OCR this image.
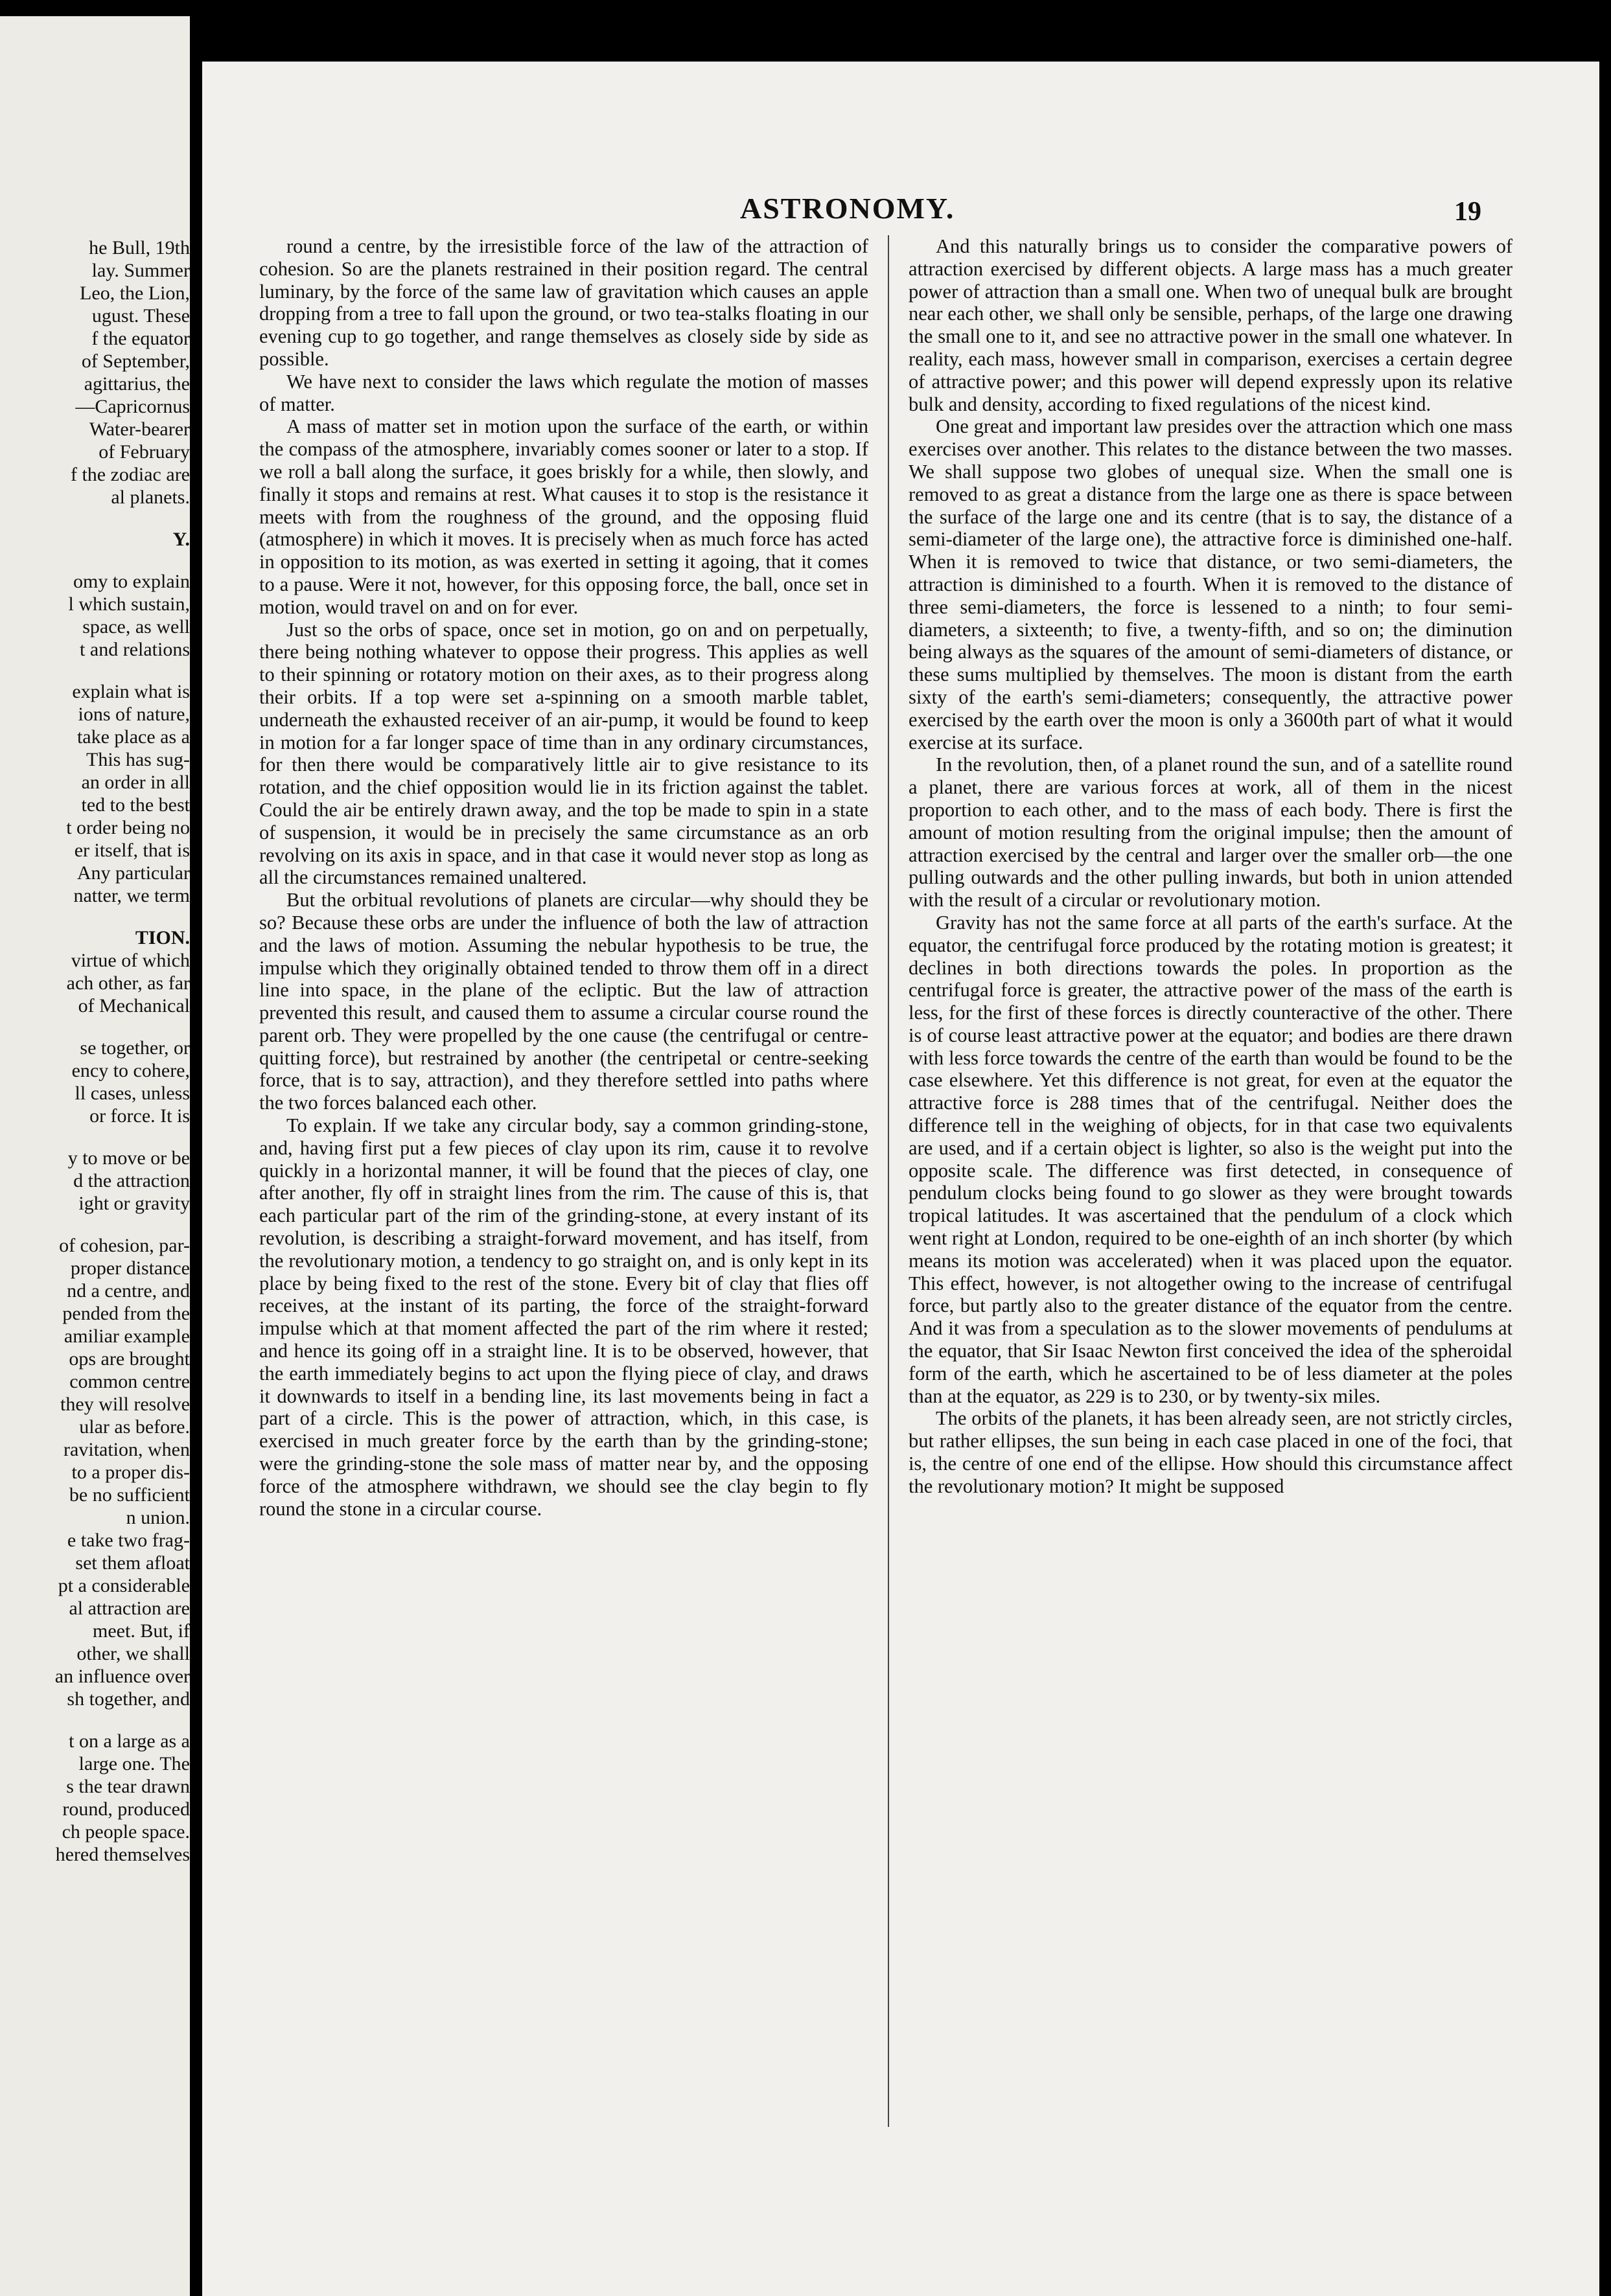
he Bull, 19th
lay. Summer
Leo, the Lion,
ugust. These
f the equator
of September,
agittarius, the
—Capricornus
Water-bearer
of February
f the zodiac are
al planets.
Y.
omy to explain
l which sustain,
space, as well
t and relations
explain what is
ions of nature,
take place as a
This has sug-
an order in all
ted to the best
t order being no
er itself, that is
Any particular
natter, we term
TION.
virtue of which
ach other, as far
of Mechanical
se together, or
ency to cohere,
ll cases, unless
or force. It is
y to move or be
d the attraction
ight or gravity
of cohesion, par-
proper distance
nd a centre, and
pended from the
amiliar example
ops are brought
common centre
they will resolve
ular as before.
ravitation, when
to a proper dis-
be no sufficient
n union.
e take two frag-
set them afloat
pt a considerable
al attraction are
meet. But, if
other, we shall
an influence over
sh together, and
t on a large as a
large one. The
s the tear drawn
round, produced
ch people space.
hered themselves
ASTRONOMY.	19

round a centre, by the irresistible force of the law of the attraction of cohesion. So are the planets restrained in their position regard. The central luminary, by the force of the same law of gravitation which causes an apple dropping from a tree to fall upon the ground, or two tea-stalks floating in our evening cup to go together, and range themselves as closely side by side as possible.

We have next to consider the laws which regulate the motion of masses of matter.

A mass of matter set in motion upon the surface of the earth, or within the compass of the atmosphere, invariably comes sooner or later to a stop. If we roll a ball along the surface, it goes briskly for a while, then slowly, and finally it stops and remains at rest. What causes it to stop is the resistance it meets with from the roughness of the ground, and the opposing fluid (atmosphere) in which it moves. It is precisely when as much force has acted in opposition to its motion, as was exerted in setting it agoing, that it comes to a pause. Were it not, however, for this opposing force, the ball, once set in motion, would travel on and on for ever.

Just so the orbs of space, once set in motion, go on and on perpetually, there being nothing whatever to oppose their progress. This applies as well to their spinning or rotatory motion on their axes, as to their progress along their orbits. If a top were set a-spinning on a smooth marble tablet, underneath the exhausted receiver of an air-pump, it would be found to keep in motion for a far longer space of time than in any ordinary circumstances, for then there would be comparatively little air to give resistance to its rotation, and the chief opposition would lie in its friction against the tablet. Could the air be entirely drawn away, and the top be made to spin in a state of suspension, it would be in precisely the same circumstance as an orb revolving on its axis in space, and in that case it would never stop as long as all the circumstances remained unaltered.

But the orbitual revolutions of planets are circular—why should they be so? Because these orbs are under the influence of both the law of attraction and the laws of motion. Assuming the nebular hypothesis to be true, the impulse which they originally obtained tended to throw them off in a direct line into space, in the plane of the ecliptic. But the law of attraction prevented this result, and caused them to assume a circular course round the parent orb. They were propelled by the one cause (the centrifugal or centre-quitting force), but restrained by another (the centripetal or centre-seeking force, that is to say, attraction), and they therefore settled into paths where the two forces balanced each other.

To explain. If we take any circular body, say a common grinding-stone, and, having first put a few pieces of clay upon its rim, cause it to revolve quickly in a horizontal manner, it will be found that the pieces of clay, one after another, fly off in straight lines from the rim. The cause of this is, that each particular part of the rim of the grinding-stone, at every instant of its revolution, is describing a straight-forward movement, and has itself, from the revolutionary motion, a tendency to go straight on, and is only kept in its place by being fixed to the rest of the stone. Every bit of clay that flies off receives, at the instant of its parting, the force of the straight-forward impulse which at that moment affected the part of the rim where it rested; and hence its going off in a straight line. It is to be observed, however, that the earth immediately begins to act upon the flying piece of clay, and draws it downwards to itself in a bending line, its last movements being in fact a part of a circle. This is the power of attraction, which, in this case, is exercised in much greater force by the earth than by the grinding-stone; were the grinding-stone the sole mass of matter near by, and the opposing force of the atmosphere withdrawn, we should see the clay begin to fly round the stone in a circular course.

And this naturally brings us to consider the comparative powers of attraction exercised by different objects. A large mass has a much greater power of attraction than a small one. When two of unequal bulk are brought near each other, we shall only be sensible, perhaps, of the large one drawing the small one to it, and see no attractive power in the small one whatever. In reality, each mass, however small in comparison, exercises a certain degree of attractive power; and this power will depend expressly upon its relative bulk and density, according to fixed regulations of the nicest kind.

One great and important law presides over the attraction which one mass exercises over another. This relates to the distance between the two masses. We shall suppose two globes of unequal size. When the small one is removed to as great a distance from the large one as there is space between the surface of the large one and its centre (that is to say, the distance of a semi-diameter of the large one), the attractive force is diminished one-half. When it is removed to twice that distance, or two semi-diameters, the attraction is diminished to a fourth. When it is removed to the distance of three semi-diameters, the force is lessened to a ninth; to four semi-diameters, a sixteenth; to five, a twenty-fifth, and so on; the diminution being always as the squares of the amount of semi-diameters of distance, or these sums multiplied by themselves. The moon is distant from the earth sixty of the earth's semi-diameters; consequently, the attractive power exercised by the earth over the moon is only a 3600th part of what it would exercise at its surface.

In the revolution, then, of a planet round the sun, and of a satellite round a planet, there are various forces at work, all of them in the nicest proportion to each other, and to the mass of each body. There is first the amount of motion resulting from the original impulse; then the amount of attraction exercised by the central and larger over the smaller orb—the one pulling outwards and the other pulling inwards, but both in union attended with the result of a circular or revolutionary motion.

Gravity has not the same force at all parts of the earth's surface. At the equator, the centrifugal force produced by the rotating motion is greatest; it declines in both directions towards the poles. In proportion as the centrifugal force is greater, the attractive power of the mass of the earth is less, for the first of these forces is directly counteractive of the other. There is of course least attractive power at the equator; and bodies are there drawn with less force towards the centre of the earth than would be found to be the case elsewhere. Yet this difference is not great, for even at the equator the attractive force is 288 times that of the centrifugal. Neither does the difference tell in the weighing of objects, for in that case two equivalents are used, and if a certain object is lighter, so also is the weight put into the opposite scale. The difference was first detected, in consequence of pendulum clocks being found to go slower as they were brought towards tropical latitudes. It was ascertained that the pendulum of a clock which went right at London, required to be one-eighth of an inch shorter (by which means its motion was accelerated) when it was placed upon the equator. This effect, however, is not altogether owing to the increase of centrifugal force, but partly also to the greater distance of the equator from the centre. And it was from a speculation as to the slower movements of pendulums at the equator, that Sir Isaac Newton first conceived the idea of the spheroidal form of the earth, which he ascertained to be of less diameter at the poles than at the equator, as 229 is to 230, or by twenty-six miles.

The orbits of the planets, it has been already seen, are not strictly circles, but rather ellipses, the sun being in each case placed in one of the foci, that is, the centre of one end of the ellipse. How should this circumstance affect the revolutionary motion? It might be supposed
